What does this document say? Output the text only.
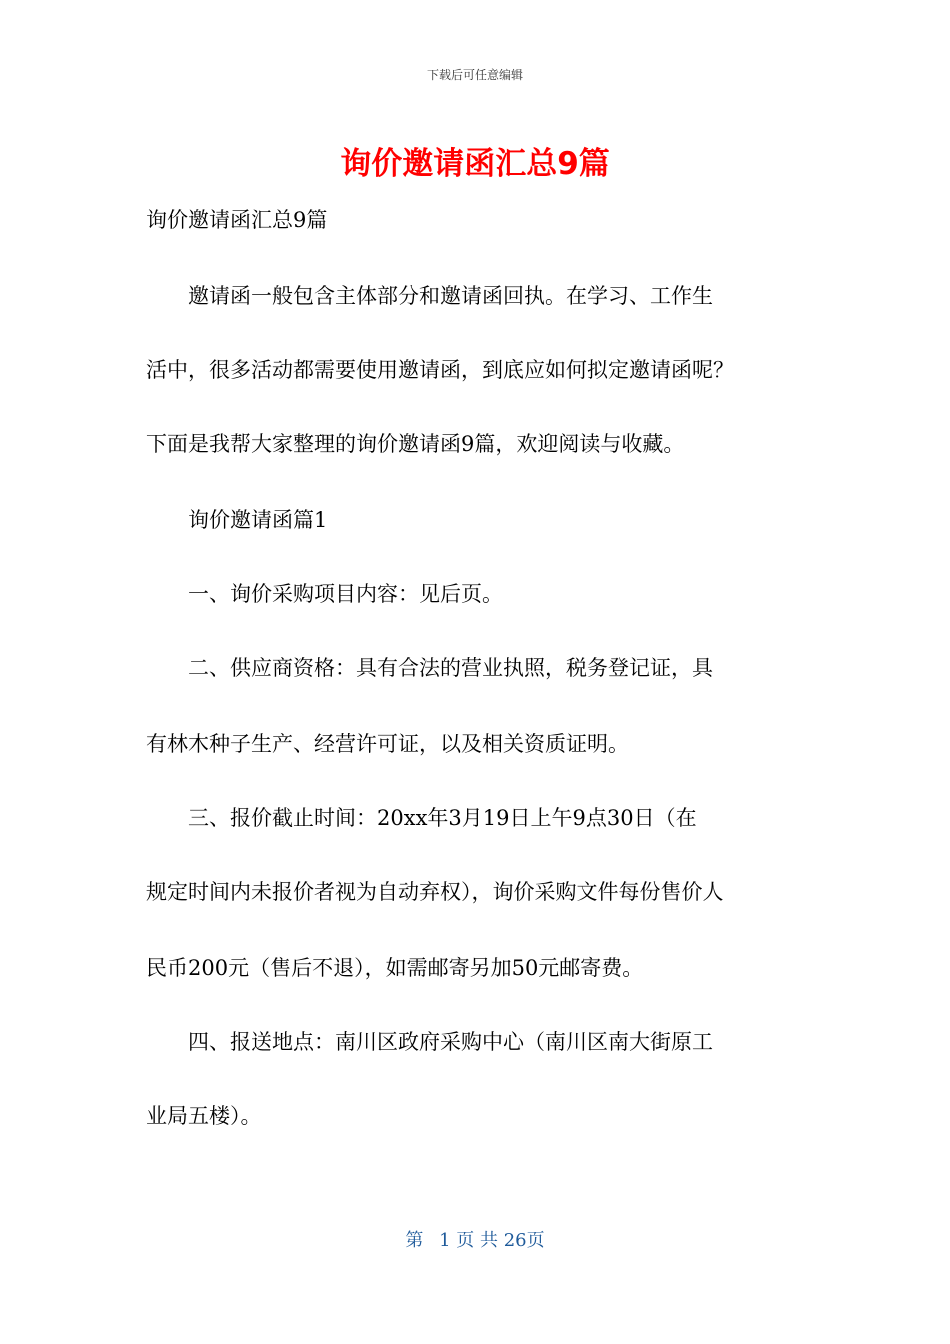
下载后可任意编辑
询价邀请函汇总9篇
询价邀请函汇总9篇
　　邀请函一般包含主体部分和邀请函回执。在学习、工作生
活中，很多活动都需要使用邀请函，到底应如何拟定邀请函呢？
下面是我帮大家整理的询价邀请函9篇，欢迎阅读与收藏。
　　询价邀请函篇1
　　一、询价采购项目内容：见后页。
　　二、供应商资格：具有合法的营业执照，税务登记证，具
有林木种子生产、经营许可证，以及相关资质证明。
　　三、报价截止时间：20xx年3月19日上午9点30日（在
规定时间内未报价者视为自动弃权），询价采购文件每份售价人
民币200元（售后不退），如需邮寄另加50元邮寄费。
　　四、报送地点：南川区政府采购中心（南川区南大街原工
业局五楼）。
第 1 页 共 26页
